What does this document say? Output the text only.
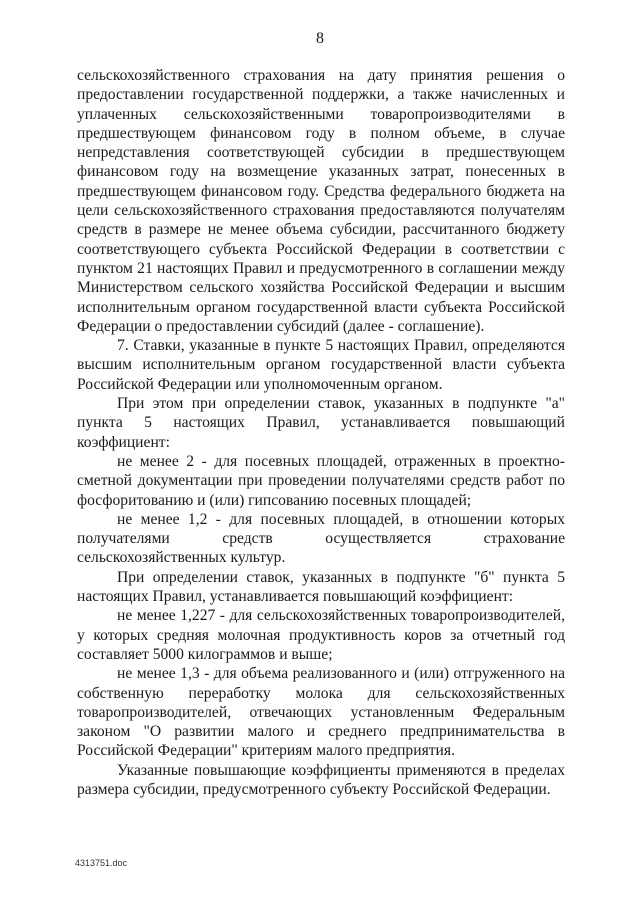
8

сельскохозяйственного страхования на дату принятия решения о предоставлении государственной поддержки, а также начисленных и уплаченных сельскохозяйственными товаропроизводителями в предшествующем финансовом году в полном объеме, в случае непредставления соответствующей субсидии в предшествующем финансовом году на возмещение указанных затрат, понесенных в предшествующем финансовом году. Средства федерального бюджета на цели сельскохозяйственного страхования предоставляются получателям средств в размере не менее объема субсидии, рассчитанного бюджету соответствующего субъекта Российской Федерации в соответствии с пунктом 21 настоящих Правил и предусмотренного в соглашении между Министерством сельского хозяйства Российской Федерации и высшим исполнительным органом государственной власти субъекта Российской Федерации о предоставлении субсидий (далее - соглашение).

7. Ставки, указанные в пункте 5 настоящих Правил, определяются высшим исполнительным органом государственной власти субъекта Российской Федерации или уполномоченным органом.

При этом при определении ставок, указанных в подпункте "а" пункта 5 настоящих Правил, устанавливается повышающий коэффициент:

не менее 2 - для посевных площадей, отраженных в проектно-сметной документации при проведении получателями средств работ по фосфоритованию и (или) гипсованию посевных площадей;

не менее 1,2 - для посевных площадей, в отношении которых получателями средств осуществляется страхование сельскохозяйственных культур.

При определении ставок, указанных в подпункте "б" пункта 5 настоящих Правил, устанавливается повышающий коэффициент:

не менее 1,227 - для сельскохозяйственных товаропроизводителей, у которых средняя молочная продуктивность коров за отчетный год составляет 5000 килограммов и выше;

не менее 1,3 - для объема реализованного и (или) отгруженного на собственную переработку молока для сельскохозяйственных товаропроизводителей, отвечающих установленным Федеральным законом "О развитии малого и среднего предпринимательства в Российской Федерации" критериям малого предприятия.

Указанные повышающие коэффициенты применяются в пределах размера субсидии, предусмотренного субъекту Российской Федерации.

4313751.doc
